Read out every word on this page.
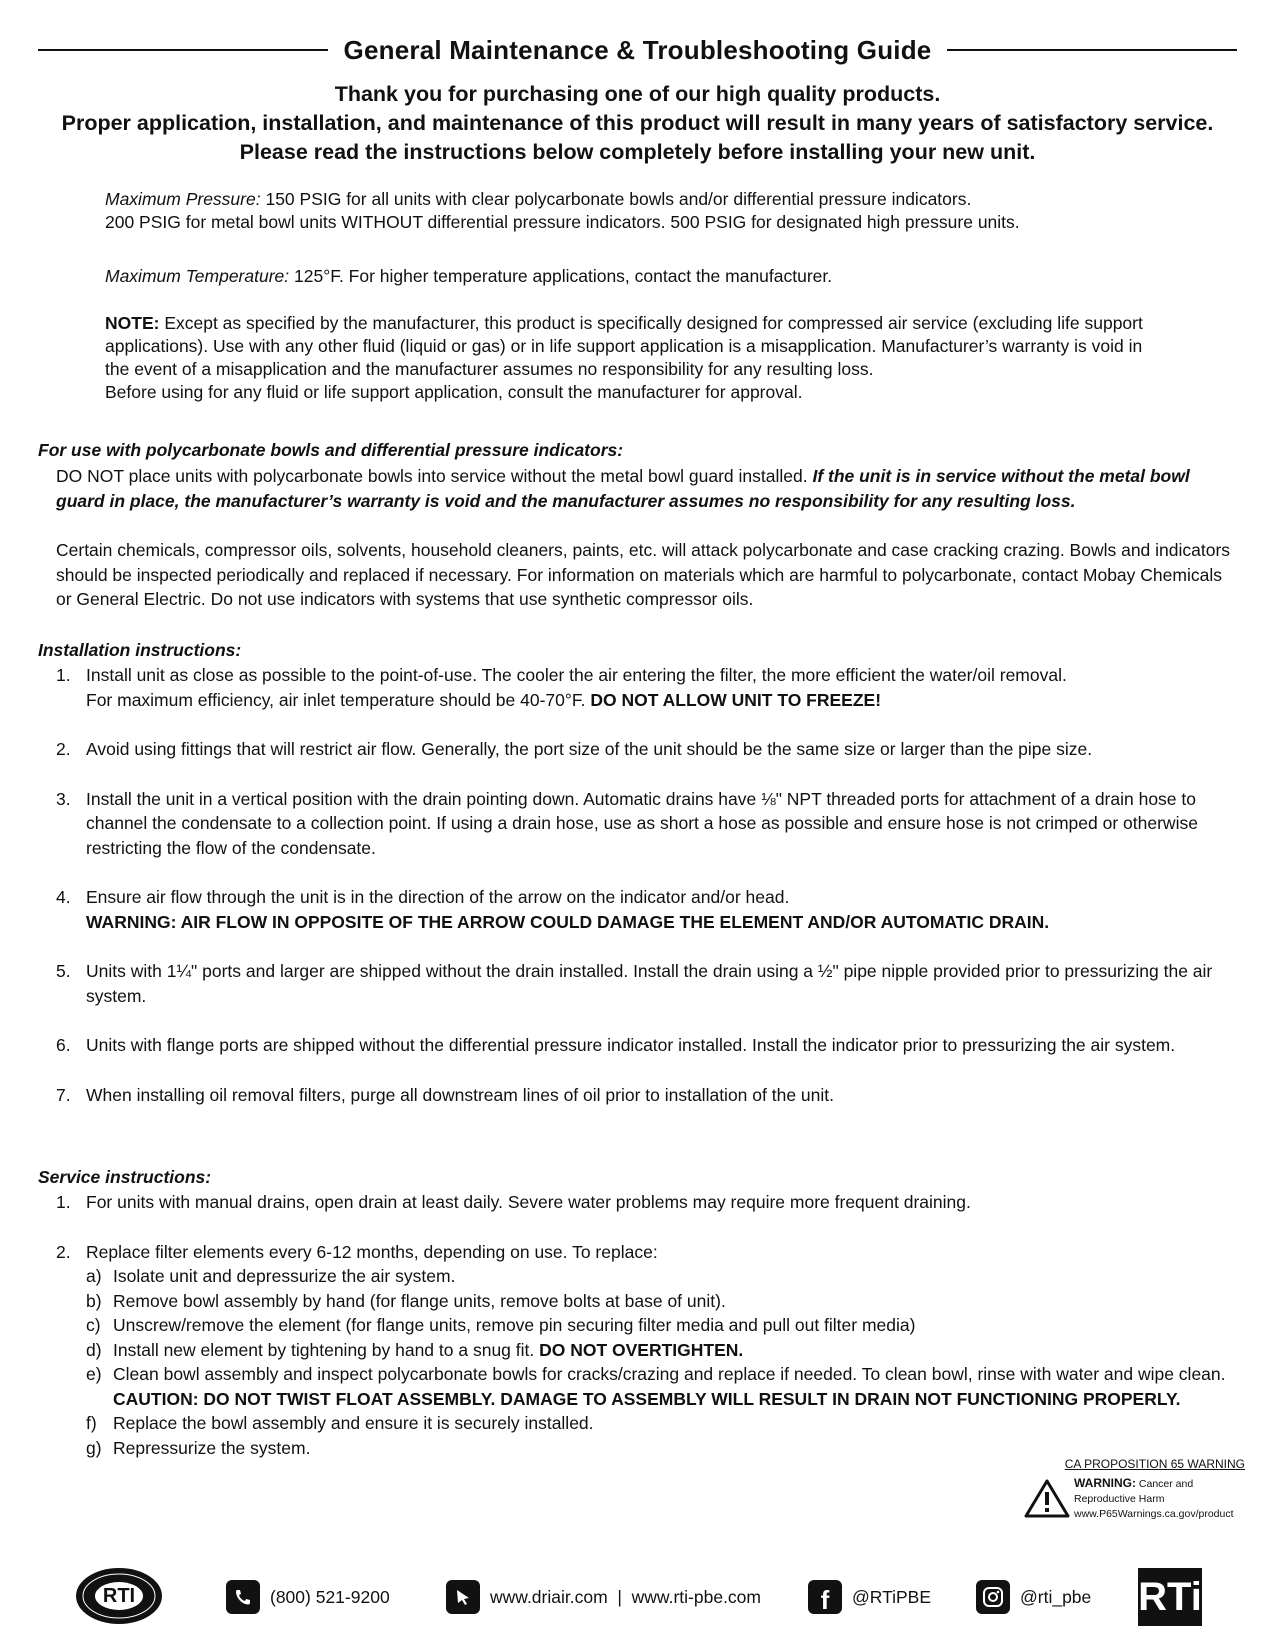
General Maintenance & Troubleshooting Guide
Thank you for purchasing one of our high quality products.
Proper application, installation, and maintenance of this product will result in many years of satisfactory service.
Please read the instructions below completely before installing your new unit.

Maximum Pressure: 150 PSIG for all units with clear polycarbonate bowls and/or differential pressure indicators.

200 PSIG for metal bowl units WITHOUT differential pressure indicators. 500 PSIG for designated high pressure units.

Maximum Temperature: 125°F. For higher temperature applications, contact the manufacturer.

NOTE: Except as specified by the manufacturer, this product is specifically designed for compressed air service (excluding life support applications). Use with any other fluid (liquid or gas) or in life support application is a misapplication. Manufacturer’s warranty is void in the event of a misapplication and the manufacturer assumes no responsibility for any resulting loss.

Before using for any fluid or life support application, consult the manufacturer for approval.

For use with polycarbonate bowls and differential pressure indicators:

DO NOT place units with polycarbonate bowls into service without the metal bowl guard installed. If the unit is in service without the metal bowl guard in place, the manufacturer’s warranty is void and the manufacturer assumes no responsibility for any resulting loss.

Certain chemicals, compressor oils, solvents, household cleaners, paints, etc. will attack polycarbonate and case cracking crazing. Bowls and indicators should be inspected periodically and replaced if necessary. For information on materials which are harmful to polycarbonate, contact Mobay Chemicals or General Electric. Do not use indicators with systems that use synthetic compressor oils.

Installation instructions:
1. Install unit as close as possible to the point-of-use. The cooler the air entering the filter, the more efficient the water/oil removal.
For maximum efficiency, air inlet temperature should be 40-70°F. DO NOT ALLOW UNIT TO FREEZE!
2. Avoid using fittings that will restrict air flow. Generally, the port size of the unit should be the same size or larger than the pipe size.
3. Install the unit in a vertical position with the drain pointing down. Automatic drains have ⅛" NPT threaded ports for attachment of a drain hose to channel the condensate to a collection point. If using a drain hose, use as short a hose as possible and ensure hose is not crimped or otherwise restricting the flow of the condensate.
4. Ensure air flow through the unit is in the direction of the arrow on the indicator and/or head.
WARNING: AIR FLOW IN OPPOSITE OF THE ARROW COULD DAMAGE THE ELEMENT AND/OR AUTOMATIC DRAIN.
5. Units with 1¼" ports and larger are shipped without the drain installed. Install the drain using a ½" pipe nipple provided prior to pressurizing the air system.
6. Units with flange ports are shipped without the differential pressure indicator installed. Install the indicator prior to pressurizing the air system.
7. When installing oil removal filters, purge all downstream lines of oil prior to installation of the unit.
Service instructions:
1. For units with manual drains, open drain at least daily. Severe water problems may require more frequent draining.
2. Replace filter elements every 6-12 months, depending on use. To replace:
a) Isolate unit and depressurize the air system.
b) Remove bowl assembly by hand (for flange units, remove bolts at base of unit).
c) Unscrew/remove the element (for flange units, remove pin securing filter media and pull out filter media)
d) Install new element by tightening by hand to a snug fit. DO NOT OVERTIGHTEN.
e) Clean bowl assembly and inspect polycarbonate bowls for cracks/crazing and replace if needed. To clean bowl, rinse with water and wipe clean.
CAUTION: DO NOT TWIST FLOAT ASSEMBLY. DAMAGE TO ASSEMBLY WILL RESULT IN DRAIN NOT FUNCTIONING PROPERLY.
f) Replace the bowl assembly and ensure it is securely installed.
g) Repressurize the system.
CA PROPOSITION 65 WARNING
WARNING: Cancer and
Reproductive Harm
www.P65Warnings.ca.gov/product
RTI	(800) 521-9200	www.driair.com  |  www.rti-pbe.com f @RTiPBE	@rti_pbe RTi
